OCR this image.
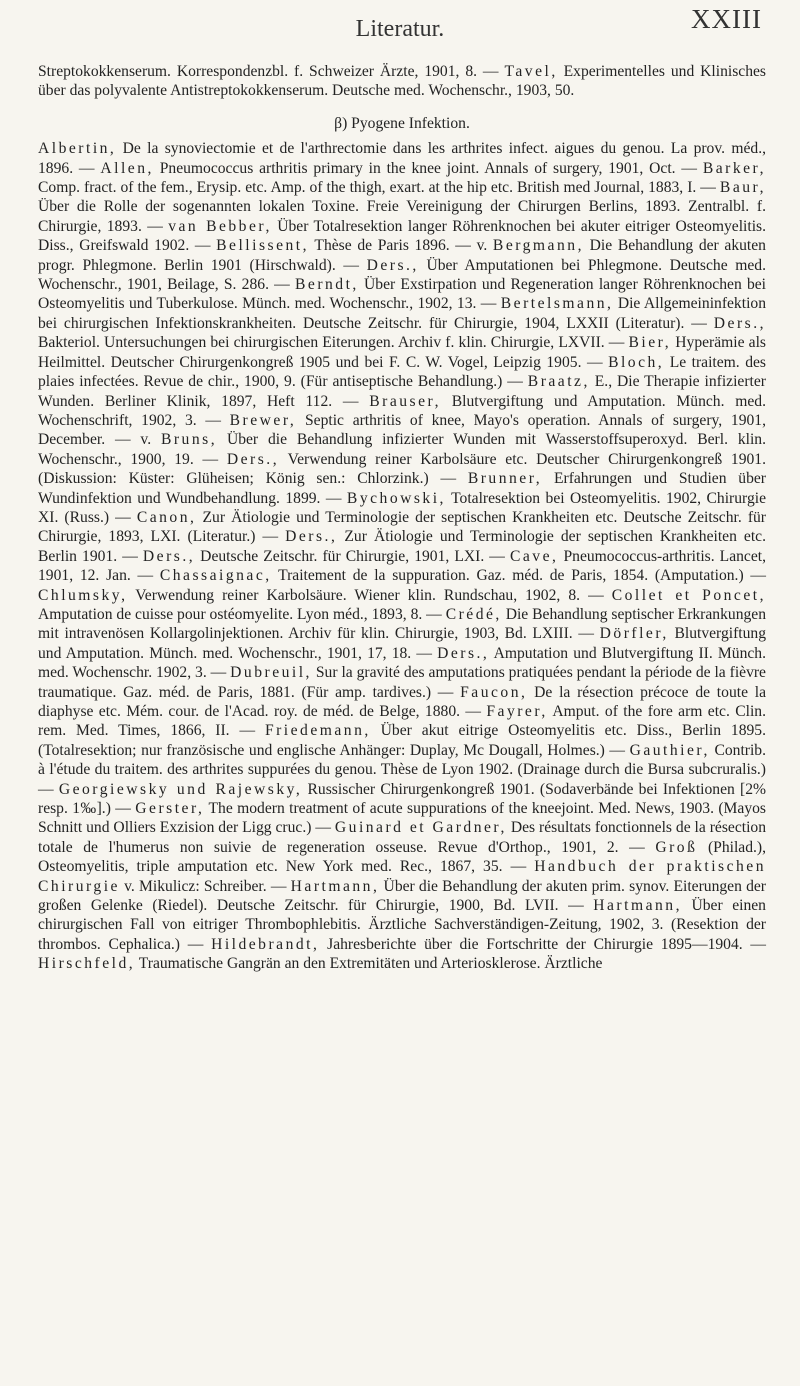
Literatur.	XXIII

Streptokokkenserum. Korrespondenzbl. f. Schweizer Ärzte, 1901, 8. — Tavel, Experimentelles und Klinisches über das polyvalente Antistreptokokkenserum. Deutsche med. Wochenschr., 1903, 50.

β) Pyogene Infektion.

Albertin, De la synoviectomie et de l'arthrectomie dans les arthrites infect. aigues du genou. La prov. méd., 1896. — Allen, Pneumococcus arthritis primary in the knee joint. Annals of surgery, 1901, Oct. — Barker, Comp. fract. of the fem., Erysip. etc. Amp. of the thigh, exart. at the hip etc. British med Journal, 1883, I. — Baur, Über die Rolle der sogenannten lokalen Toxine. Freie Vereinigung der Chirurgen Berlins, 1893. Zentralbl. f. Chirurgie, 1893. — van Bebber, Über Totalresektion langer Röhrenknochen bei akuter eitriger Osteomyelitis. Diss., Greifswald 1902. — Bellissent, Thèse de Paris 1896. — v. Bergmann, Die Behandlung der akuten progr. Phlegmone. Berlin 1901 (Hirschwald). — Ders., Über Amputationen bei Phlegmone. Deutsche med. Wochenschr., 1901, Beilage, S. 286. — Berndt, Über Exstirpation und Regeneration langer Röhrenknochen bei Osteomyelitis und Tuberkulose. Münch. med. Wochenschr., 1902, 13. — Bertelsmann, Die Allgemeininfektion bei chirurgischen Infektionskrankheiten. Deutsche Zeitschr. für Chirurgie, 1904, LXXII (Literatur). — Ders., Bakteriol. Untersuchungen bei chirurgischen Eiterungen. Archiv f. klin. Chirurgie, LXVII. — Bier, Hyperämie als Heilmittel. Deutscher Chirurgenkongreß 1905 und bei F. C. W. Vogel, Leipzig 1905. — Bloch, Le traitem. des plaies infectées. Revue de chir., 1900, 9. (Für antiseptische Behandlung.) — Braatz, E., Die Therapie infizierter Wunden. Berliner Klinik, 1897, Heft 112. — Brauser, Blutvergiftung und Amputation. Münch. med. Wochenschrift, 1902, 3. — Brewer, Septic arthritis of knee, Mayo's operation. Annals of surgery, 1901, December. — v. Bruns, Über die Behandlung infizierter Wunden mit Wasserstoffsuperoxyd. Berl. klin. Wochenschr., 1900, 19. — Ders., Verwendung reiner Karbolsäure etc. Deutscher Chirurgenkongreß 1901. (Diskussion: Küster: Glüheisen; König sen.: Chlorzink.) — Brunner, Erfahrungen und Studien über Wundinfektion und Wundbehandlung. 1899. — Bychowski, Totalresektion bei Osteomyelitis. 1902, Chirurgie XI. (Russ.) — Canon, Zur Ätiologie und Terminologie der septischen Krankheiten etc. Deutsche Zeitschr. für Chirurgie, 1893, LXI. (Literatur.) — Ders., Zur Ätiologie und Terminologie der septischen Krankheiten etc. Berlin 1901. — Ders., Deutsche Zeitschr. für Chirurgie, 1901, LXI. — Cave, Pneumococcus-arthritis. Lancet, 1901, 12. Jan. — Chassaignac, Traitement de la suppuration. Gaz. méd. de Paris, 1854. (Amputation.) — Chlumsky, Verwendung reiner Karbolsäure. Wiener klin. Rundschau, 1902, 8. — Collet et Poncet, Amputation de cuisse pour ostéomyelite. Lyon méd., 1893, 8. — Crédé, Die Behandlung septischer Erkrankungen mit intravenösen Kollargolinjektionen. Archiv für klin. Chirurgie, 1903, Bd. LXIII. — Dörfler, Blutvergiftung und Amputation. Münch. med. Wochenschr., 1901, 17, 18. — Ders., Amputation und Blutvergiftung II. Münch. med. Wochenschr. 1902, 3. — Dubreuil, Sur la gravité des amputations pratiquées pendant la période de la fièvre traumatique. Gaz. méd. de Paris, 1881. (Für amp. tardives.) — Faucon, De la résection précoce de toute la diaphyse etc. Mém. cour. de l'Acad. roy. de méd. de Belge, 1880. — Fayrer, Amput. of the fore arm etc. Clin. rem. Med. Times, 1866, II. — Friedemann, Über akut eitrige Osteomyelitis etc. Diss., Berlin 1895. (Totalresektion; nur französische und englische Anhänger: Duplay, Mc Dougall, Holmes.) — Gauthier, Contrib. à l'étude du traitem. des arthrites suppurées du genou. Thèse de Lyon 1902. (Drainage durch die Bursa subcruralis.) — Georgiewsky und Rajewsky, Russischer Chirurgenkongreß 1901. (Sodaverbände bei Infektionen [2% resp. 1‰].) — Gerster, The modern treatment of acute suppurations of the kneejoint. Med. News, 1903. (Mayos Schnitt und Olliers Exzision der Ligg cruc.) — Guinard et Gardner, Des résultats fonctionnels de la résection totale de l'humerus non suivie de regeneration osseuse. Revue d'Orthop., 1901, 2. — Groß (Philad.), Osteomyelitis, triple amputation etc. New York med. Rec., 1867, 35. — Handbuch der praktischen Chirurgie v. Mikulicz: Schreiber. — Hartmann, Über die Behandlung der akuten prim. synov. Eiterungen der großen Gelenke (Riedel). Deutsche Zeitschr. für Chirurgie, 1900, Bd. LVII. — Hartmann, Über einen chirurgischen Fall von eitriger Thrombophlebitis. Ärztliche Sachverständigen-Zeitung, 1902, 3. (Resektion der thrombos. Cephalica.) — Hildebrandt, Jahresberichte über die Fortschritte der Chirurgie 1895—1904. — Hirschfeld, Traumatische Gangrän an den Extremitäten und Arteriosklerose. Ärztliche
